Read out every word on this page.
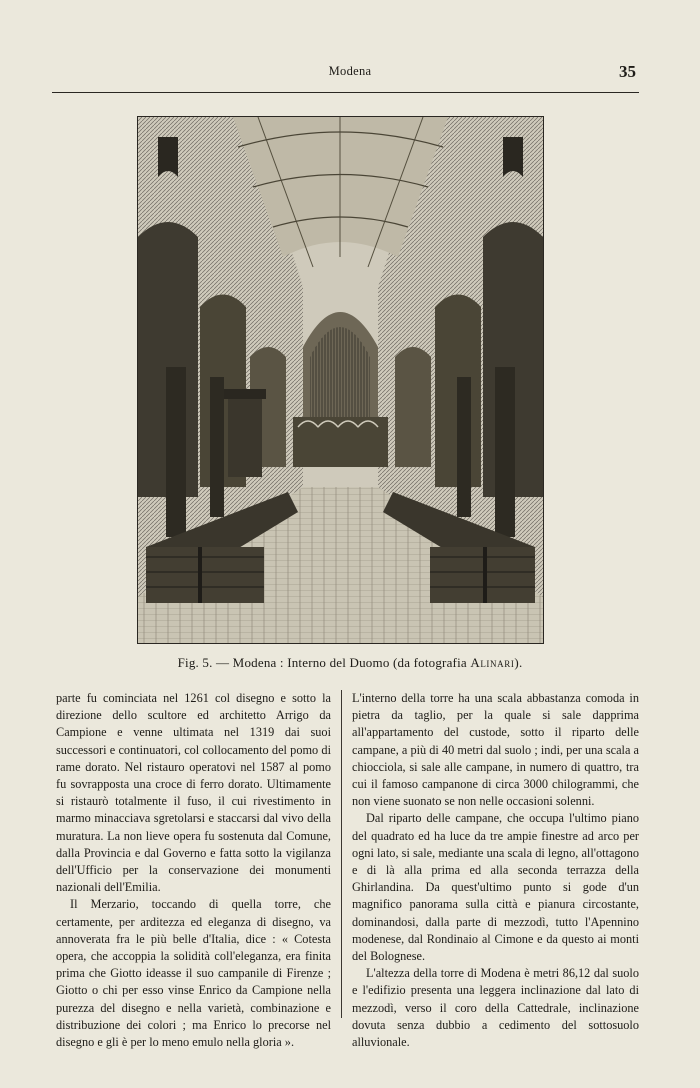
Modena	35
Fig. 5. — Modena : Interno del Duomo (da fotografia Alinari).

parte fu cominciata nel 1261 col disegno e sotto la direzione dello scultore ed architetto Arrigo da Campione e venne ultimata nel 1319 dai suoi successori e continuatori, col collocamento del pomo di rame dorato. Nel ristauro operatovi nel 1587 al pomo fu sovrapposta una croce di ferro dorato. Ultimamente si ristaurò totalmente il fuso, il cui rivestimento in marmo minacciava sgretolarsi e staccarsi dal vivo della muratura. La non lieve opera fu sostenuta dal Comune, dalla Provincia e dal Governo e fatta sotto la vigilanza dell'Ufficio per la conservazione dei monumenti nazionali dell'Emilia.

Il Merzario, toccando di quella torre, che certamente, per arditezza ed eleganza di disegno, va annoverata fra le più belle d'Italia, dice : « Cotesta opera, che accoppia la solidità coll'eleganza, era finita prima che Giotto ideasse il suo campanile di Firenze ; Giotto o chi per esso vinse Enrico da Campione nella purezza del disegno e nella varietà, combinazione e distribuzione dei colori ; ma Enrico lo precorse nel disegno e gli è per lo meno emulo nella gloria ».

L'interno della torre ha una scala abbastanza comoda in pietra da taglio, per la quale si sale dapprima all'appartamento del custode, sotto il riparto delle campane, a più di 40 metri dal suolo ; indi, per una scala a chiocciola, si sale alle campane, in numero di quattro, tra cui il famoso campanone di circa 3000 chilogrammi, che non viene suonato se non nelle occasioni solenni.

Dal riparto delle campane, che occupa l'ultimo piano del quadrato ed ha luce da tre ampie finestre ad arco per ogni lato, si sale, mediante una scala di legno, all'ottagono e di là alla prima ed alla seconda terrazza della Ghirlandina. Da quest'ultimo punto si gode d'un magnifico panorama sulla città e pianura circostante, dominandosi, dalla parte di mezzodì, tutto l'Apennino modenese, dal Rondinaio al Cimone e da questo ai monti del Bolognese.

L'altezza della torre di Modena è metri 86,12 dal suolo e l'edifizio presenta una leggera inclinazione dal lato di mezzodì, verso il coro della Cattedrale, inclinazione dovuta senza dubbio a cedimento del sottosuolo alluvionale.
